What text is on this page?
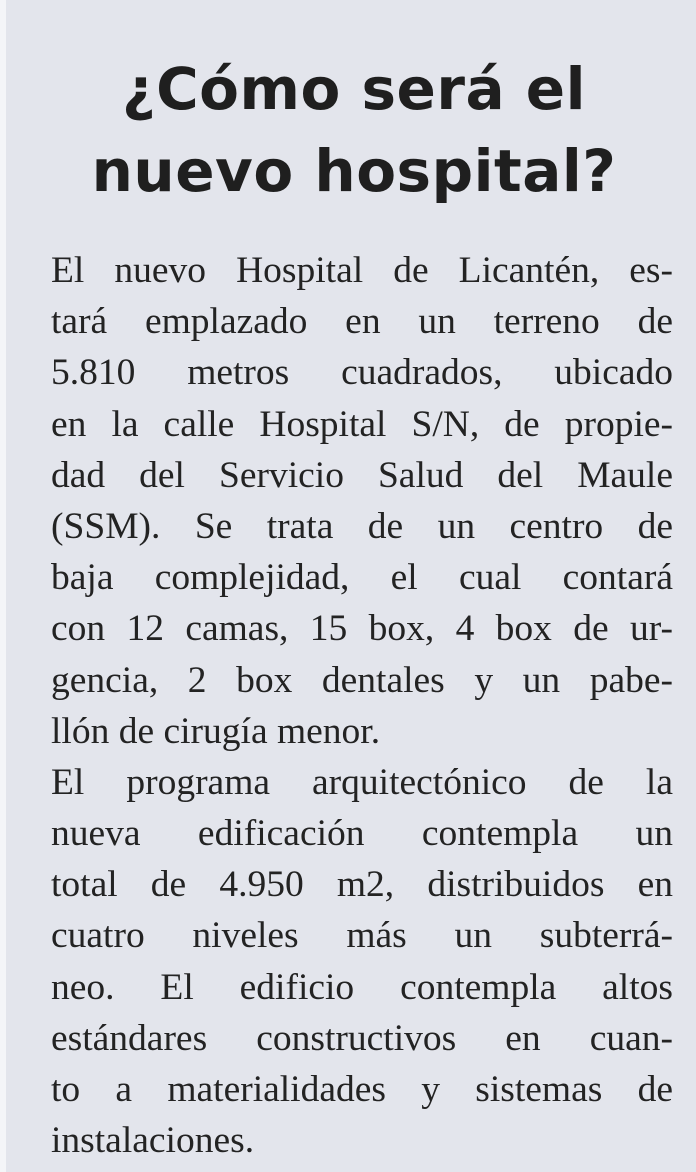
¿Cómo será el
nuevo hospital?
El nuevo Hospital de Licantén, es-
tará emplazado en un terreno de
5.810 metros cuadrados, ubicado
en la calle Hospital S/N, de propie-
dad del Servicio Salud del Maule
(SSM). Se trata de un centro de
baja complejidad, el cual contará
con 12 camas, 15 box, 4 box de ur-
gencia, 2 box dentales y un pabe-
llón de cirugía menor.
El programa arquitectónico de la
nueva edificación contempla un
total de 4.950 m2, distribuidos en
cuatro niveles más un subterrá-
neo. El edificio contempla altos
estándares constructivos en cuan-
to a materialidades y sistemas de
instalaciones.
